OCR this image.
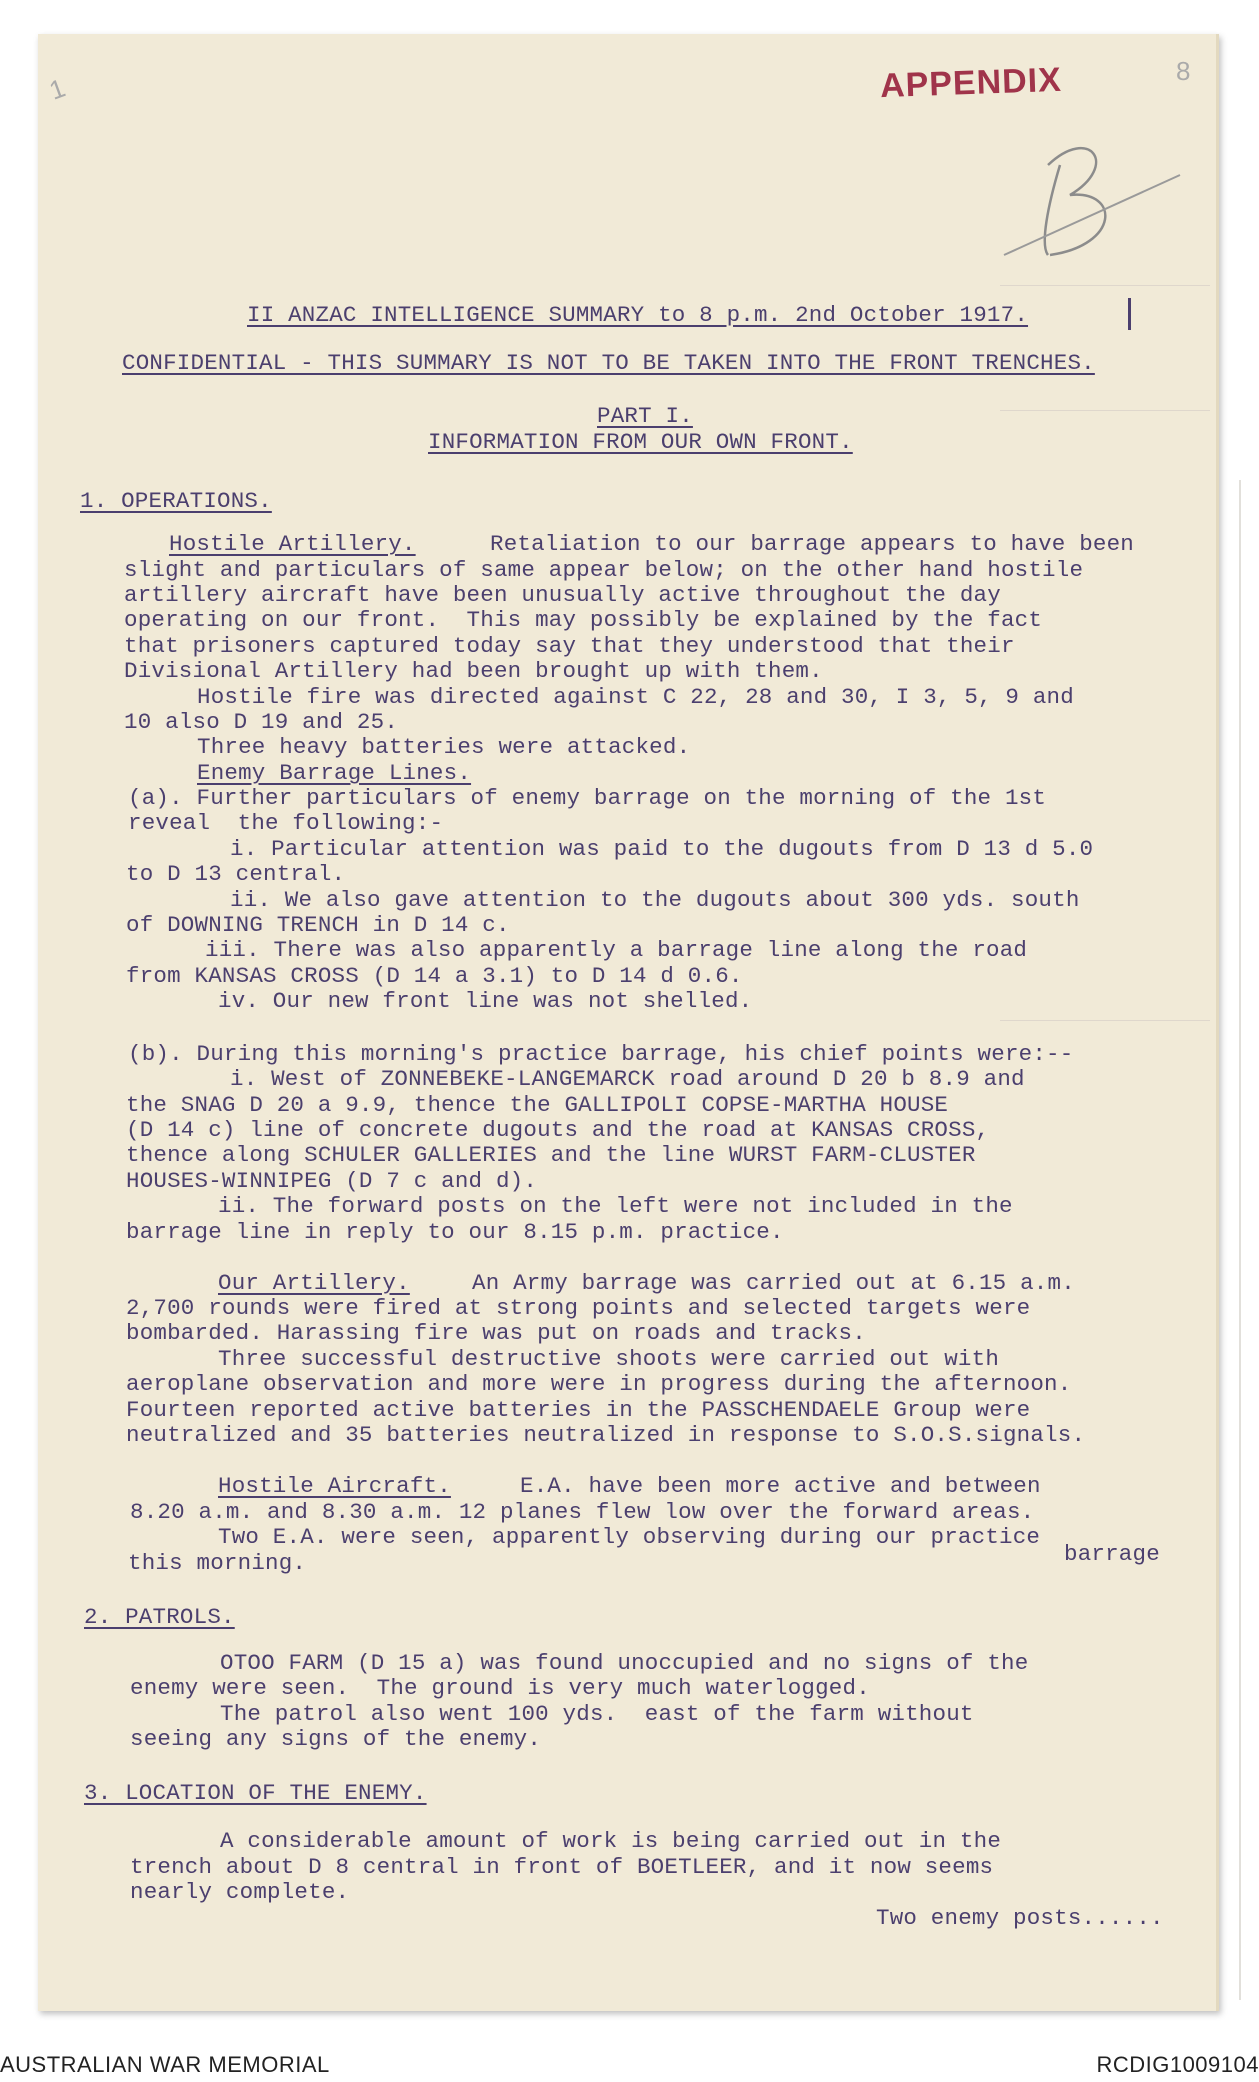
1	APPENDIX	8
II ANZAC INTELLIGENCE SUMMARY to 8 p.m. 2nd October 1917.
CONFIDENTIAL - THIS SUMMARY IS NOT TO BE TAKEN INTO THE FRONT TRENCHES.
PART I.
INFORMATION FROM OUR OWN FRONT.
1. OPERATIONS.
Hostile Artillery.	Retaliation to our barrage appears to have been
slight and particulars of same appear below; on the other hand hostile
artillery aircraft have been unusually active throughout the day
operating on our front.  This may possibly be explained by the fact
that prisoners captured today say that they understood that their
Divisional Artillery had been brought up with them.
Hostile fire was directed against C 22, 28 and 30, I 3, 5, 9 and
10 also D 19 and 25.
Three heavy batteries were attacked.
Enemy Barrage Lines.
(a). Further particulars of enemy barrage on the morning of the 1st
reveal  the following:-
i. Particular attention was paid to the dugouts from D 13 d 5.0
to D 13 central.
ii. We also gave attention to the dugouts about 300 yds. south
of DOWNING TRENCH in D 14 c.
iii. There was also apparently a barrage line along the road
from KANSAS CROSS (D 14 a 3.1) to D 14 d 0.6.
iv. Our new front line was not shelled.
(b). During this morning's practice barrage, his chief points were:--
i. West of ZONNEBEKE-LANGEMARCK road around D 20 b 8.9 and
the SNAG D 20 a 9.9, thence the GALLIPOLI COPSE-MARTHA HOUSE
(D 14 c) line of concrete dugouts and the road at KANSAS CROSS,
thence along SCHULER GALLERIES and the line WURST FARM-CLUSTER
HOUSES-WINNIPEG (D 7 c and d).
ii. The forward posts on the left were not included in the
barrage line in reply to our 8.15 p.m. practice.
Our Artillery.	An Army barrage was carried out at 6.15 a.m.
2,700 rounds were fired at strong points and selected targets were
bombarded. Harassing fire was put on roads and tracks.
Three successful destructive shoots were carried out with
aeroplane observation and more were in progress during the afternoon.
Fourteen reported active batteries in the PASSCHENDAELE Group were
neutralized and 35 batteries neutralized in response to S.O.S.signals.
Hostile Aircraft.	E.A. have been more active and between
8.20 a.m. and 8.30 a.m. 12 planes flew low over the forward areas.
Two E.A. were seen, apparently observing during our practice
barrage
this morning.
2. PATROLS.
OTOO FARM (D 15 a) was found unoccupied and no signs of the
enemy were seen.  The ground is very much waterlogged.
The patrol also went 100 yds.  east of the farm without
seeing any signs of the enemy.
3. LOCATION OF THE ENEMY.
A considerable amount of work is being carried out in the
trench about D 8 central in front of BOETLEER, and it now seems
nearly complete.
Two enemy posts......
AUSTRALIAN WAR MEMORIAL	RCDIG1009104
